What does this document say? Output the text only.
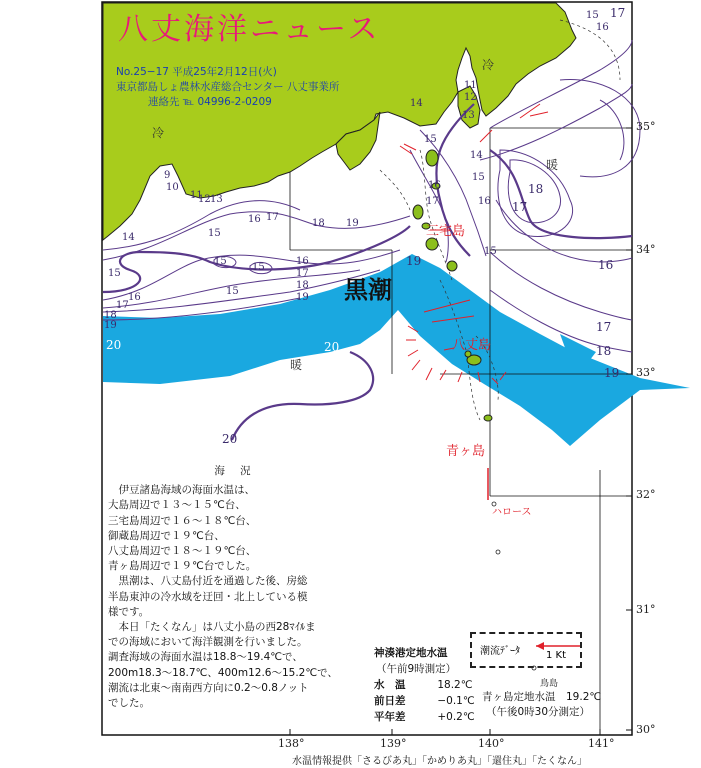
八丈海洋ニュース
No.25−17 平成25年2月12日(火)
東京都島しょ農林水産総合センター 八丈事業所
連絡先 ℡ 04996-2-0209
35°
34°
33°
32°
31°
30°
138°	139°	140°	141°
黒潮
三宅島
八丈島
青ヶ島
ハロース
鳥島
冷
冷
暖
暖
9
10
11
12 13
14	15
16 17
18 19
15
15
15
15
16
17
18
19
16
17
18
19
20	20
20
19
11
12
13
14
15
14
15
16
15
16
17	17
18
16
17
18
19
17
15
16
海 況
伊豆諸島海域の海面水温は、
大島周辺で１３～１５℃台、
三宅島周辺で１６～１８℃台、
御蔵島周辺で１９℃台、
八丈島周辺で１８～１９℃台、
青ヶ島周辺で１９℃台でした。
黒潮は、八丈島付近を通過した後、房総
半島東沖の冷水域を迂回・北上している模
様です。
本日「たくなん」は八丈小島の西28ﾏｲﾙま
での海域において海洋観測を行いました。
調査海域の海面水温は18.8～19.4℃で、
200m18.3～18.7℃、400m12.6～15.2℃で、
潮流は北東～南南西方向に0.2～0.8ノット
でした。
潮流ﾃﾞｰﾀ	1 Kt
神湊港定地水温
（午前9時測定）
水　温	18.2℃
前日差	−0.1℃
平年差	+0.2℃
青ヶ島定地水温　19.2℃
（午後0時30分測定）
水温情報提供「さるびあ丸」「かめりあ丸」「還住丸」「たくなん」
